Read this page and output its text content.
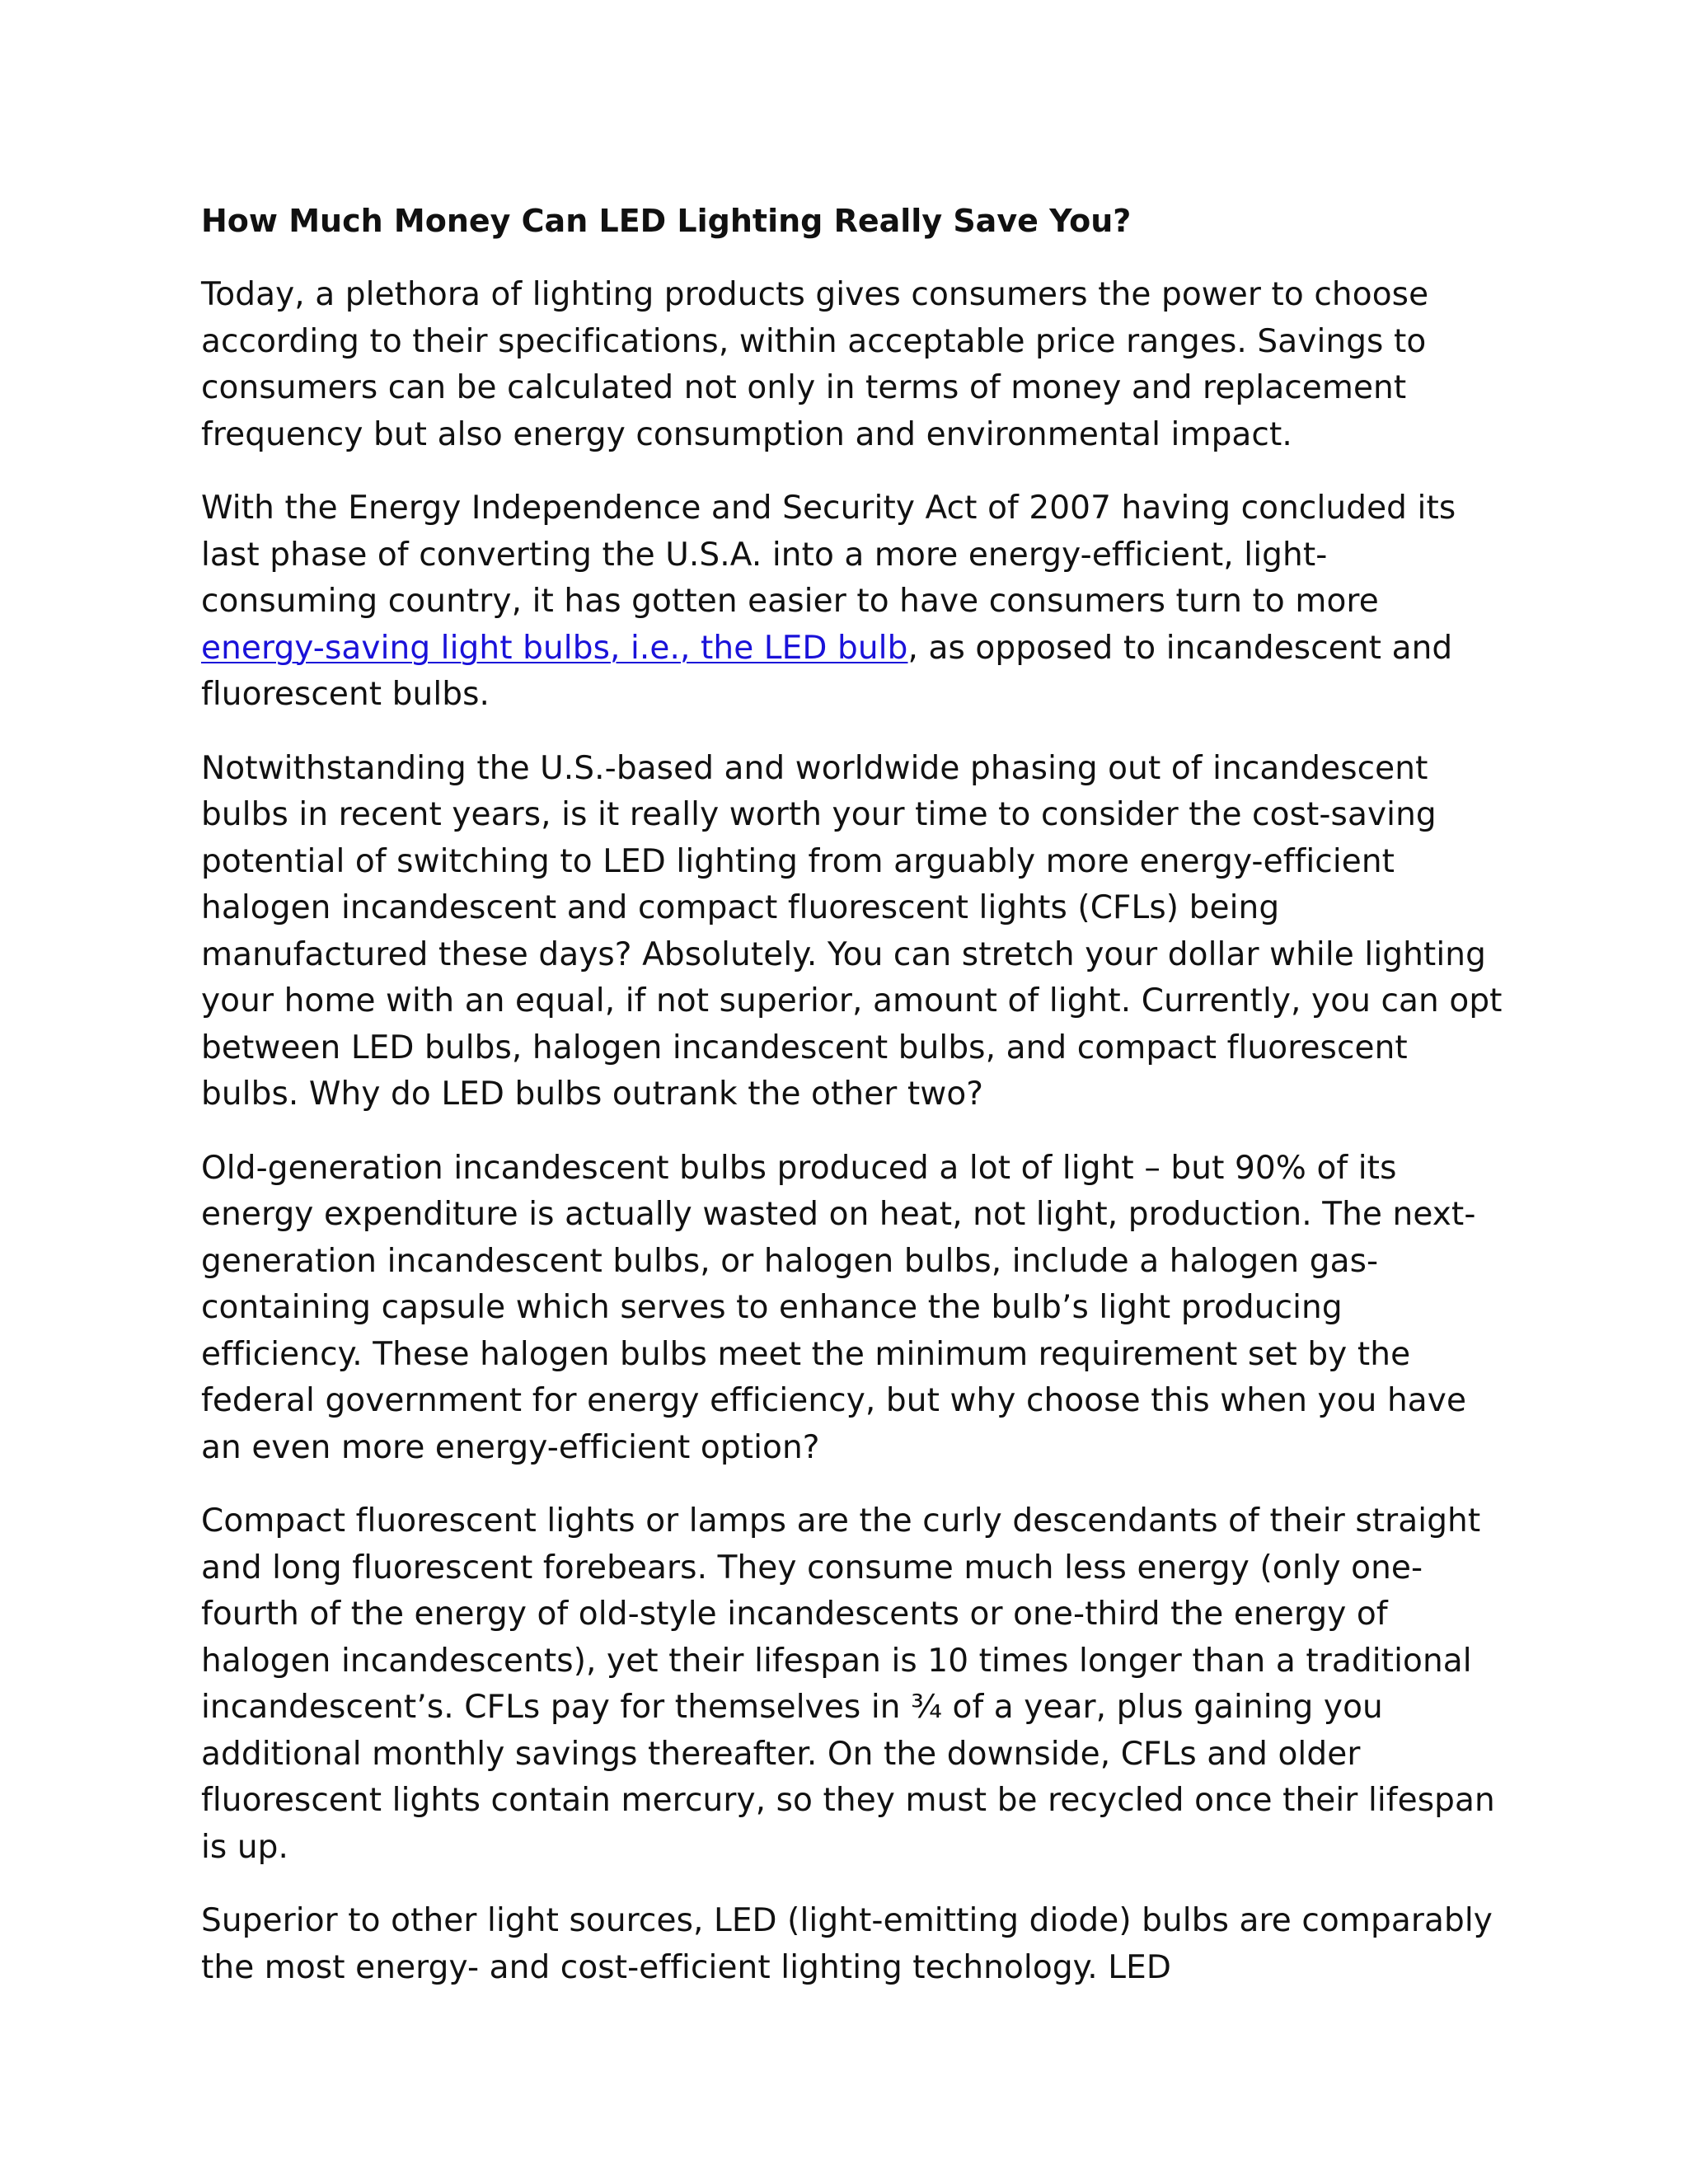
How Much Money Can LED Lighting Really Save You?

Today, a plethora of lighting products gives consumers the power to choose according to their specifications, within acceptable price ranges. Savings to consumers can be calculated not only in terms of money and replacement frequency but also energy consumption and environmental impact.

With the Energy Independence and Security Act of 2007 having concluded its last phase of converting the U.S.A. into a more energy-efficient, light-consuming country, it has gotten easier to have consumers turn to more energy-saving light bulbs, i.e., the LED bulb, as opposed to incandescent and fluorescent bulbs.

Notwithstanding the U.S.-based and worldwide phasing out of incandescent bulbs in recent years, is it really worth your time to consider the cost-saving potential of switching to LED lighting from arguably more energy-efficient halogen incandescent and compact fluorescent lights (CFLs) being manufactured these days? Absolutely. You can stretch your dollar while lighting your home with an equal, if not superior, amount of light. Currently, you can opt between LED bulbs, halogen incandescent bulbs, and compact fluorescent bulbs. Why do LED bulbs outrank the other two?

Old-generation incandescent bulbs produced a lot of light – but 90% of its energy expenditure is actually wasted on heat, not light, production. The next-generation incandescent bulbs, or halogen bulbs, include a halogen gas-containing capsule which serves to enhance the bulb’s light producing efficiency. These halogen bulbs meet the minimum requirement set by the federal government for energy efficiency, but why choose this when you have an even more energy-efficient option?

Compact fluorescent lights or lamps are the curly descendants of their straight and long fluorescent forebears. They consume much less energy (only one-fourth of the energy of old-style incandescents or one-third the energy of halogen incandescents), yet their lifespan is 10 times longer than a traditional incandescent’s. CFLs pay for themselves in ¾ of a year, plus gaining you additional monthly savings thereafter. On the downside, CFLs and older fluorescent lights contain mercury, so they must be recycled once their lifespan is up.

Superior to other light sources, LED (light-emitting diode) bulbs are comparably the most energy- and cost-efficient lighting technology. LED
